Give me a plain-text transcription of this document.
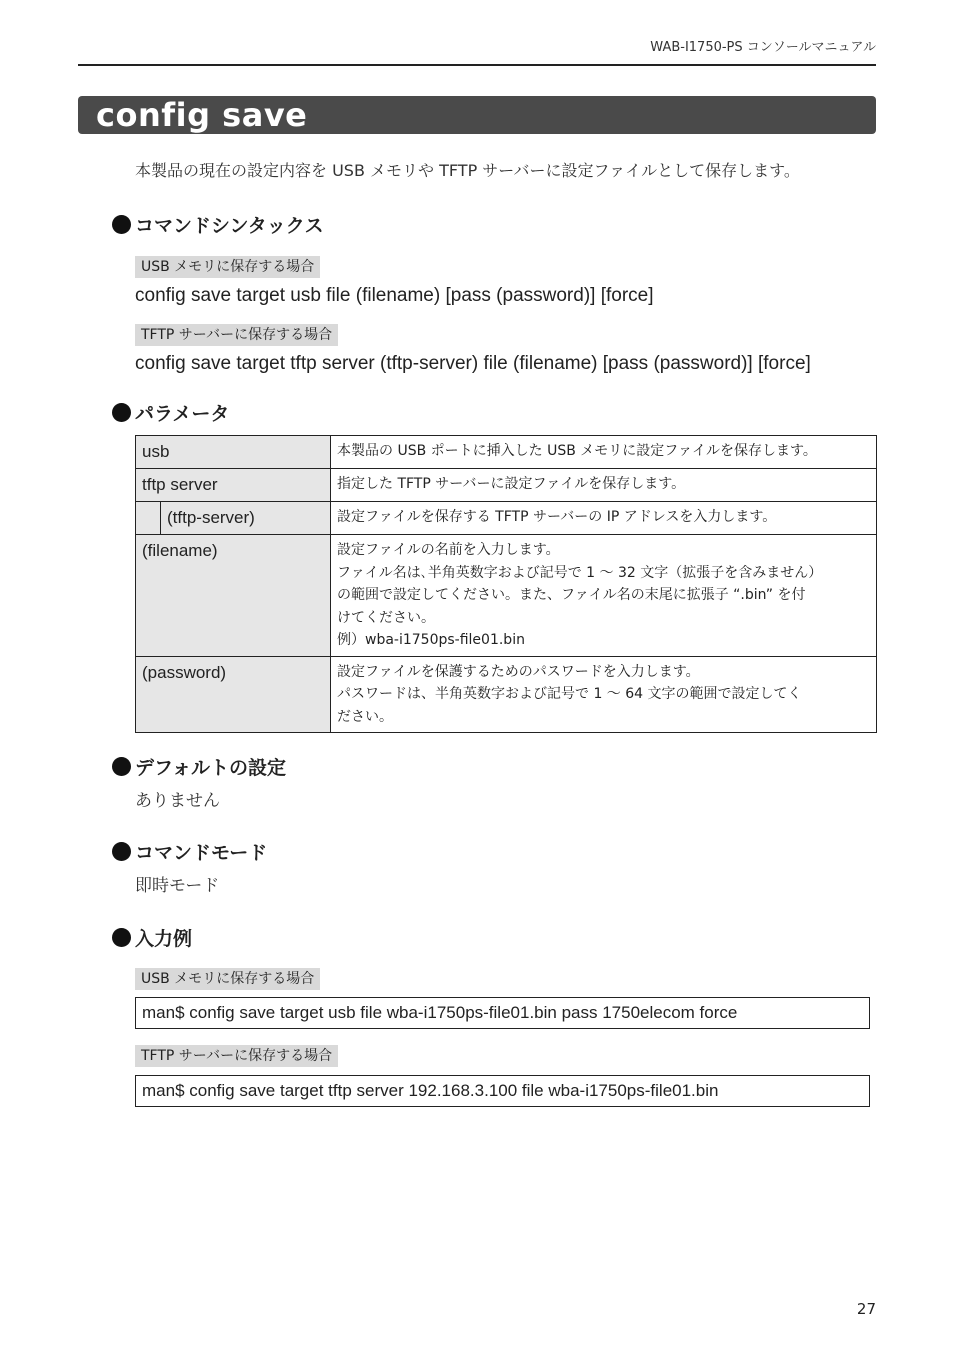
WAB-I1750-PS コンソールマニュアル
config save
本製品の現在の設定内容を USB メモリや TFTP サーバーに設定ファイルとして保存します。
コマンドシンタックス
USB メモリに保存する場合
config save target usb file (filename) [pass (password)] [force]
TFTP サーバーに保存する場合
config save target tftp server (tftp-server) file (filename) [pass (password)] [force]
パラメータ
usb		本製品の USB ポートに挿入した USB メモリに設定ファイルを保存します。

tftp server		指定した TFTP サーバーに設定ファイルを保存します。

	(tftp-server)	設定ファイルを保存する TFTP サーバーの IP アドレスを入力します。

(filename)		設定ファイルの名前を入力します。
ファイル名は､半角英数字および記号で 1 〜 32 文字（拡張子を含みません）
の範囲で設定してください。また、ファイル名の末尾に拡張子 “.bin” を付
けてください。
例）wba-i1750ps-file01.bin

(password)		設定ファイルを保護するためのパスワードを入力します。
パスワードは、半角英数字および記号で 1 〜 64 文字の範囲で設定してく
ださい。
デフォルトの設定
ありません
コマンドモード
即時モード
入力例
USB メモリに保存する場合
man$ config save target usb file wba-i1750ps-file01.bin pass 1750elecom force
TFTP サーバーに保存する場合
man$ config save target tftp server 192.168.3.100 file wba-i1750ps-file01.bin
27
